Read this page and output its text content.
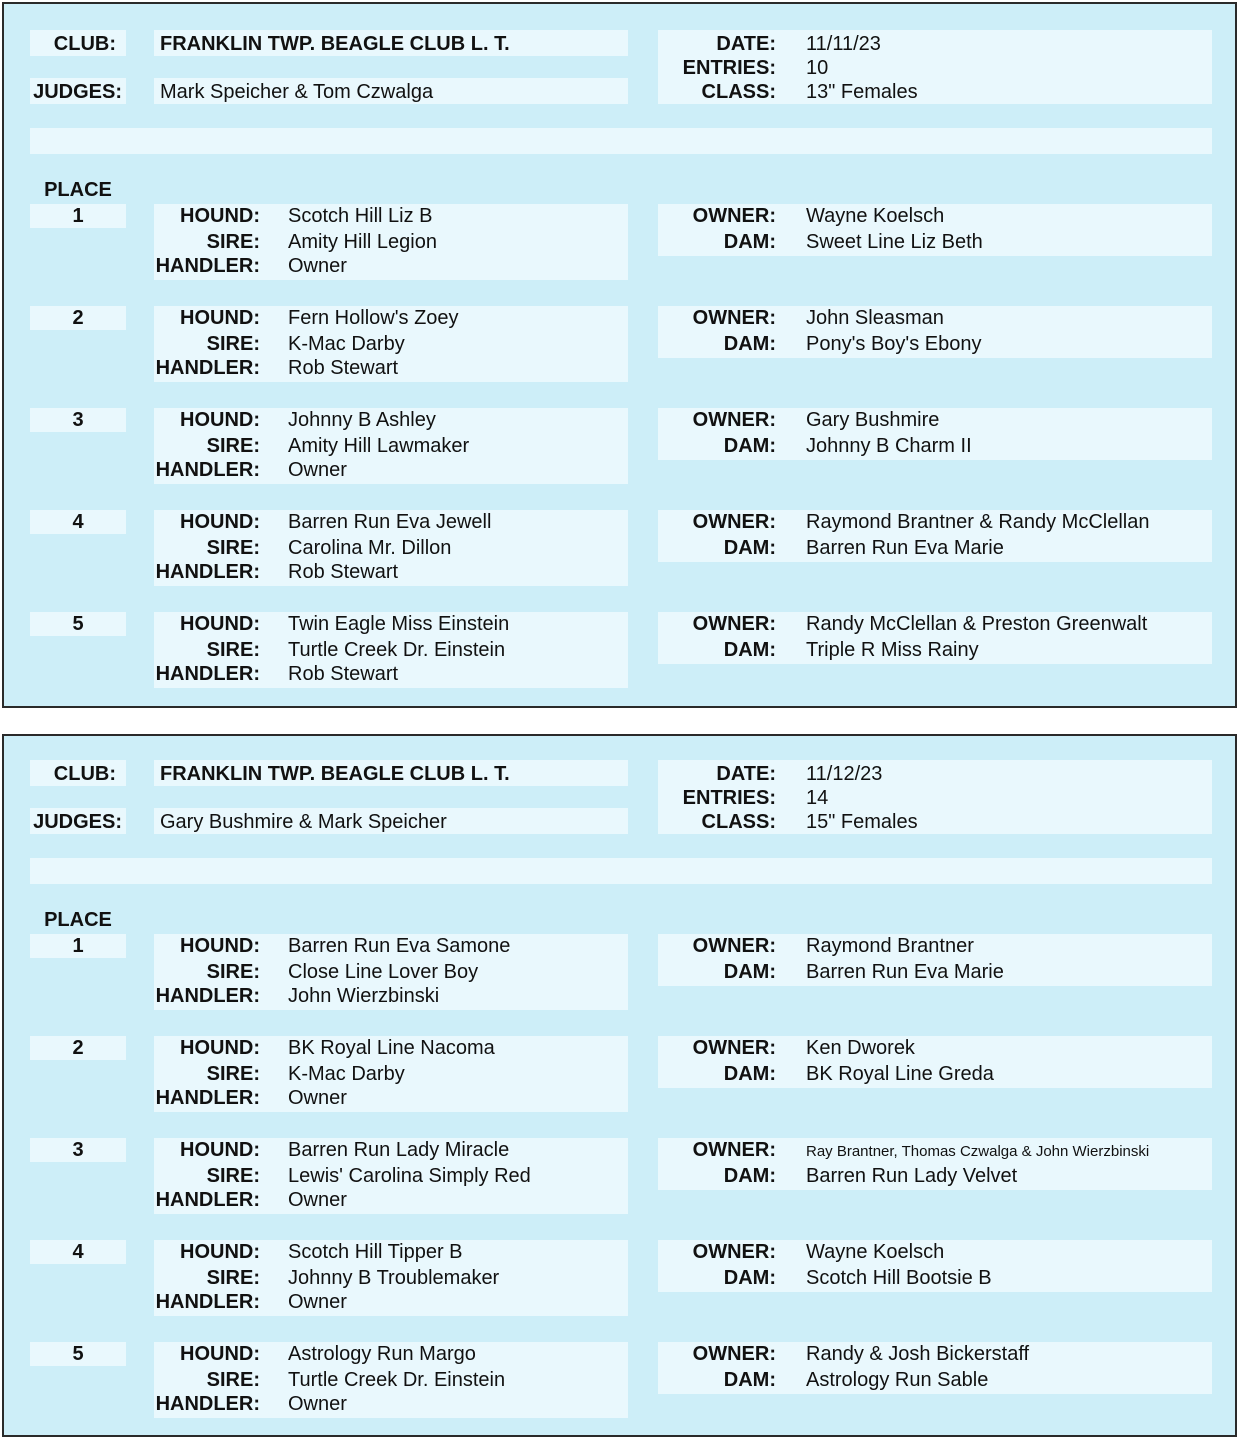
CLUB: FRANKLIN TWP. BEAGLE CLUB L. T.
JUDGES: Mark Speicher & Tom Czwalga
DATE: 11/11/23
ENTRIES: 10
CLASS: 13" Females
PLACE
1	HOUND: Scotch Hill Liz B
SIRE: Amity Hill Legion
HANDLER: Owner
OWNER: Wayne Koelsch
DAM: Sweet Line Liz Beth
2	HOUND: Fern Hollow's Zoey
SIRE: K-Mac Darby
HANDLER: Rob Stewart
OWNER: John Sleasman
DAM: Pony's Boy's Ebony
3	HOUND: Johnny B Ashley
SIRE: Amity Hill Lawmaker
HANDLER: Owner
OWNER: Gary Bushmire
DAM: Johnny B Charm II
4	HOUND: Barren Run Eva Jewell
SIRE: Carolina Mr. Dillon
HANDLER: Rob Stewart
OWNER: Raymond Brantner & Randy McClellan
DAM: Barren Run Eva Marie
5	HOUND: Twin Eagle Miss Einstein
SIRE: Turtle Creek Dr. Einstein
HANDLER: Rob Stewart
OWNER: Randy McClellan & Preston Greenwalt
DAM: Triple R Miss Rainy
CLUB: FRANKLIN TWP. BEAGLE CLUB L. T.
JUDGES: Gary Bushmire & Mark Speicher
DATE: 11/12/23
ENTRIES: 14
CLASS: 15" Females
PLACE
1	HOUND: Barren Run Eva Samone
SIRE: Close Line Lover Boy
HANDLER: John Wierzbinski
OWNER: Raymond Brantner
DAM: Barren Run Eva Marie
2	HOUND: BK Royal Line Nacoma
SIRE: K-Mac Darby
HANDLER: Owner
OWNER: Ken Dworek
DAM: BK Royal Line Greda
3	HOUND: Barren Run Lady Miracle
SIRE: Lewis' Carolina Simply Red
HANDLER: Owner
OWNER: Ray Brantner, Thomas Czwalga & John Wierzbinski
DAM: Barren Run Lady Velvet
4	HOUND: Scotch Hill Tipper B
SIRE: Johnny B Troublemaker
HANDLER: Owner
OWNER: Wayne Koelsch
DAM: Scotch Hill Bootsie B
5	HOUND: Astrology Run Margo
SIRE: Turtle Creek Dr. Einstein
HANDLER: Owner
OWNER: Randy & Josh Bickerstaff
DAM: Astrology Run Sable
